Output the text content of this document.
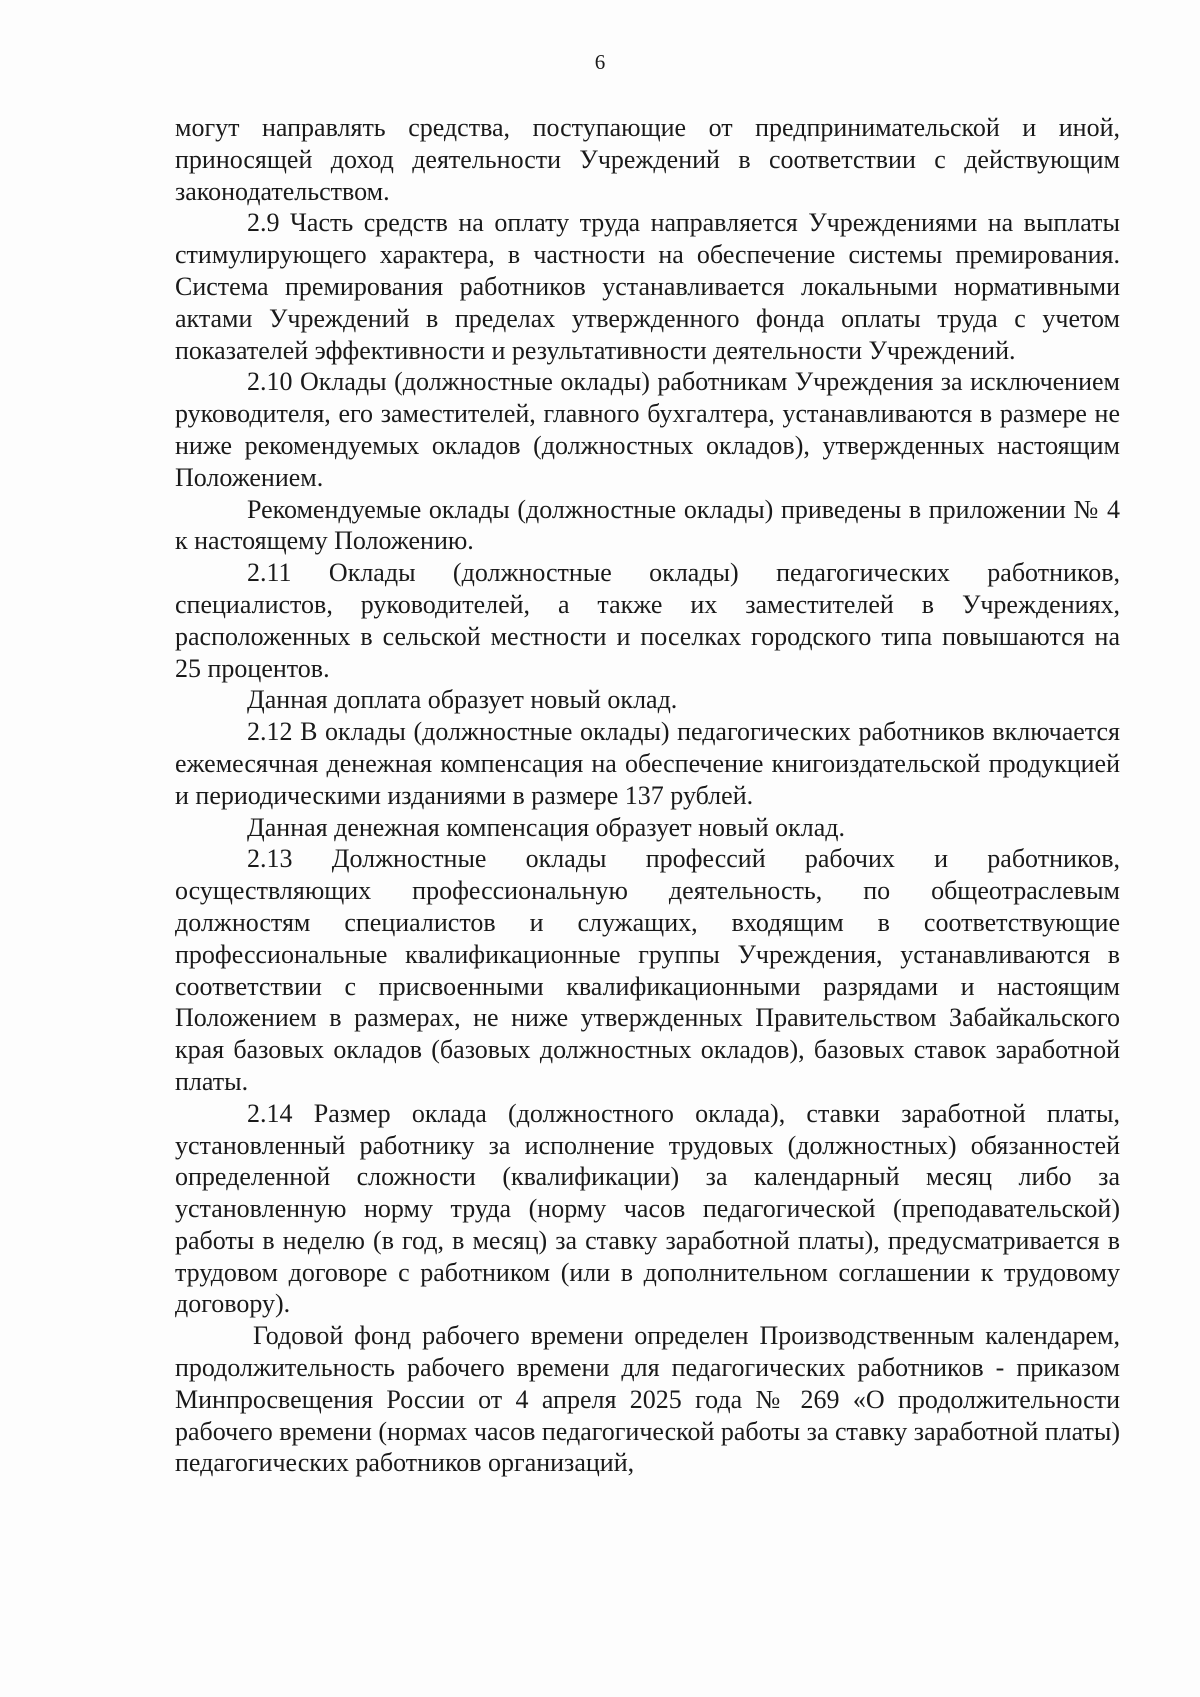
6

могут направлять средства, поступающие от предпринимательской и иной, приносящей доход деятельности Учреждений в соответствии с действующим законодательством.

2.9 Часть средств на оплату труда направляется Учреждениями на выплаты стимулирующего характера, в частности на обеспечение системы премирования. Система премирования работников устанавливается локальными нормативными актами Учреждений в пределах утвержденного фонда оплаты труда с учетом показателей эффективности и результативности деятельности Учреждений.

2.10 Оклады (должностные оклады) работникам Учреждения за исключением руководителя, его заместителей, главного бухгалтера, устанавливаются в размере не ниже рекомендуемых окладов (должностных окладов), утвержденных настоящим Положением.

Рекомендуемые оклады (должностные оклады) приведены в приложении № 4 к настоящему Положению.

2.11 Оклады (должностные оклады) педагогических работников, специалистов, руководителей, а также их заместителей в Учреждениях, расположенных в сельской местности и поселках городского типа повышаются на 25 процентов.

Данная доплата образует новый оклад.

2.12 В оклады (должностные оклады) педагогических работников включается ежемесячная денежная компенсация на обеспечение книгоиздательской продукцией и периодическими изданиями в размере 137 рублей.

Данная денежная компенсация образует новый оклад.

2.13 Должностные оклады профессий рабочих и работников, осуществляющих профессиональную деятельность, по общеотраслевым должностям специалистов и служащих, входящим в соответствующие профессиональные квалификационные группы Учреждения, устанавливаются в соответствии с присвоенными квалификационными разрядами и настоящим Положением в размерах, не ниже утвержденных Правительством Забайкальского края базовых окладов (базовых должностных окладов), базовых ставок заработной платы.

2.14 Размер оклада (должностного оклада), ставки заработной платы, установленный работнику за исполнение трудовых (должностных) обязанностей определенной сложности (квалификации) за календарный месяц либо за установленную норму труда (норму часов педагогической (преподавательской) работы в неделю (в год, в месяц) за ставку заработной платы), предусматривается в трудовом договоре с работником (или в дополнительном соглашении к трудовому договору).

Годовой фонд рабочего времени определен Производственным календарем, продолжительность рабочего времени для педагогических работников - приказом Минпросвещения России от 4 апреля 2025 года № 269 «О продолжительности рабочего времени (нормах часов педагогической работы за ставку заработной платы) педагогических работников организаций,
